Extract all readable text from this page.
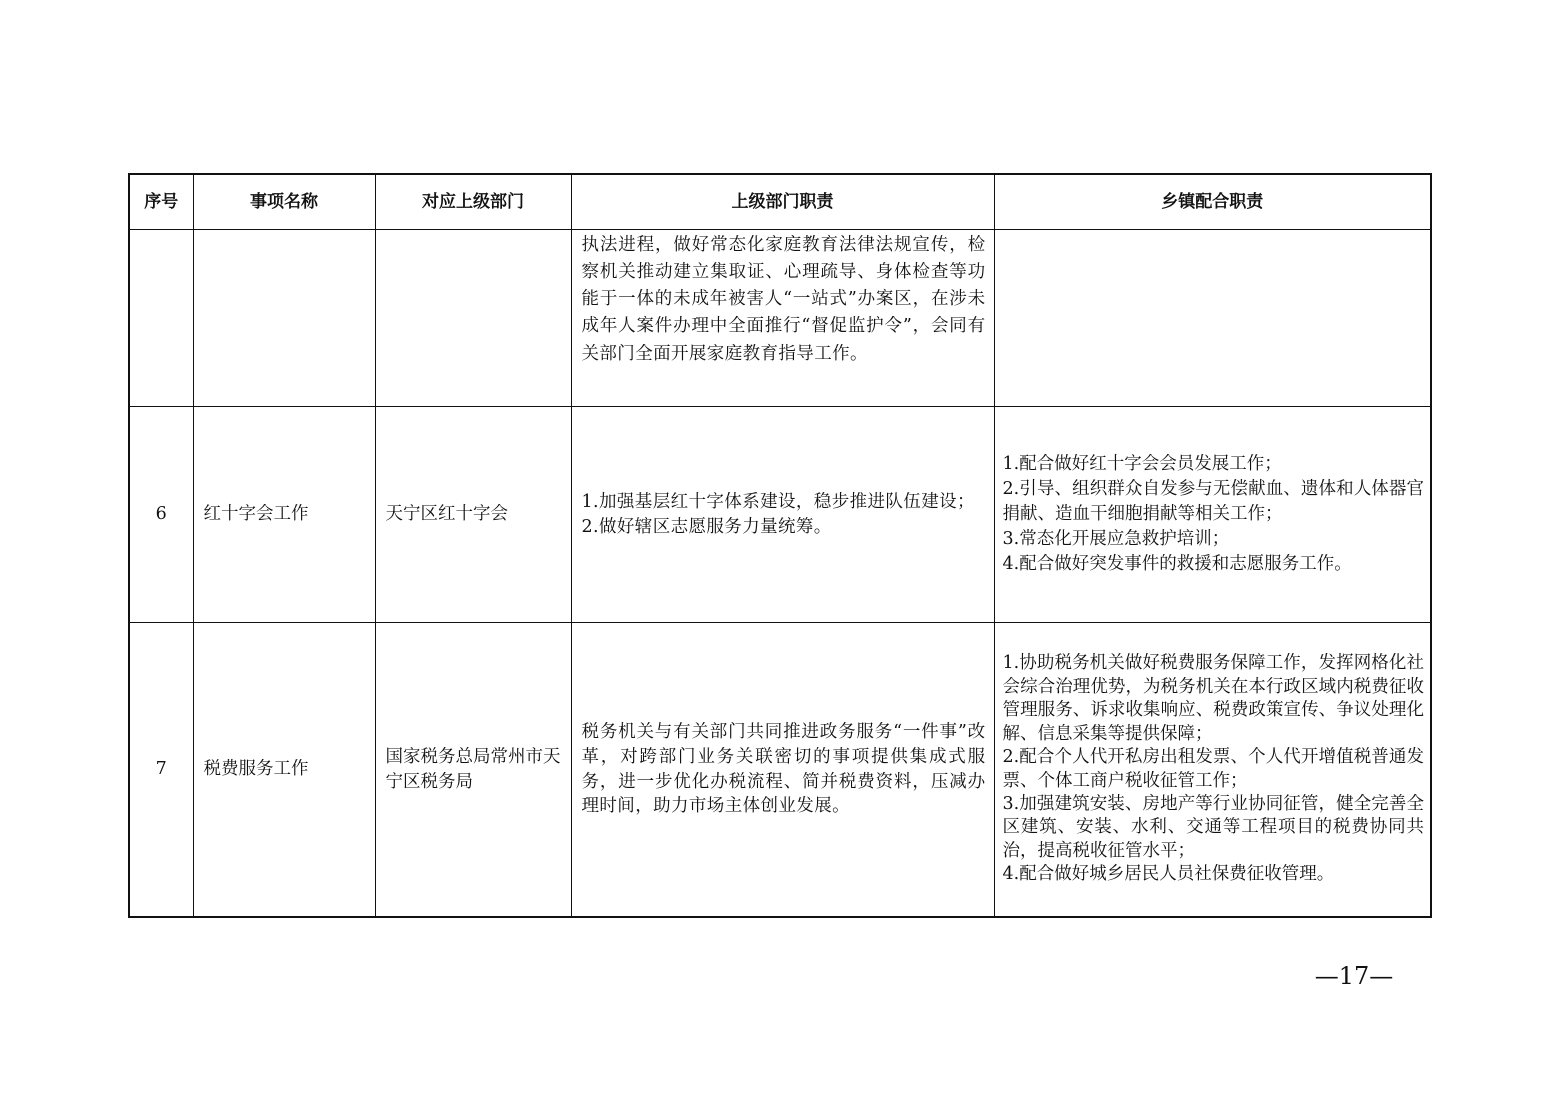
序号	事项名称	对应上级部门	上级部门职责	乡镇配合职责
			执法进程，做好常态化家庭教育法律法规宣传，检察机关推动建立集取证、心理疏导、身体检查等功能于一体的未成年被害人“一站式”办案区，在涉未成年人案件办理中全面推行“督促监护令”，会同有关部门全面开展家庭教育指导工作。	
6	红十字会工作	天宁区红十字会	1.加强基层红十字体系建设，稳步推进队伍建设；
2.做好辖区志愿服务力量统筹。	1.配合做好红十字会会员发展工作；
2.引导、组织群众自发参与无偿献血、遗体和人体器官捐献、造血干细胞捐献等相关工作；
3.常态化开展应急救护培训；
4.配合做好突发事件的救援和志愿服务工作。

7	税费服务工作	国家税务总局常州市天宁区税务局	税务机关与有关部门共同推进政务服务“一件事”改革，对跨部门业务关联密切的事项提供集成式服务，进一步优化办税流程、简并税费资料，压减办理时间，助力市场主体创业发展。	1.协助税务机关做好税费服务保障工作，发挥网格化社会综合治理优势，为税务机关在本行政区域内税费征收管理服务、诉求收集响应、税费政策宣传、争议处理化解、信息采集等提供保障；
2.配合个人代开私房出租发票、个人代开增值税普通发票、个体工商户税收征管工作；
3.加强建筑安装、房地产等行业协同征管，健全完善全区建筑、安装、水利、交通等工程项目的税费协同共治，提高税收征管水平；
4.配合做好城乡居民人员社保费征收管理。
—17—
